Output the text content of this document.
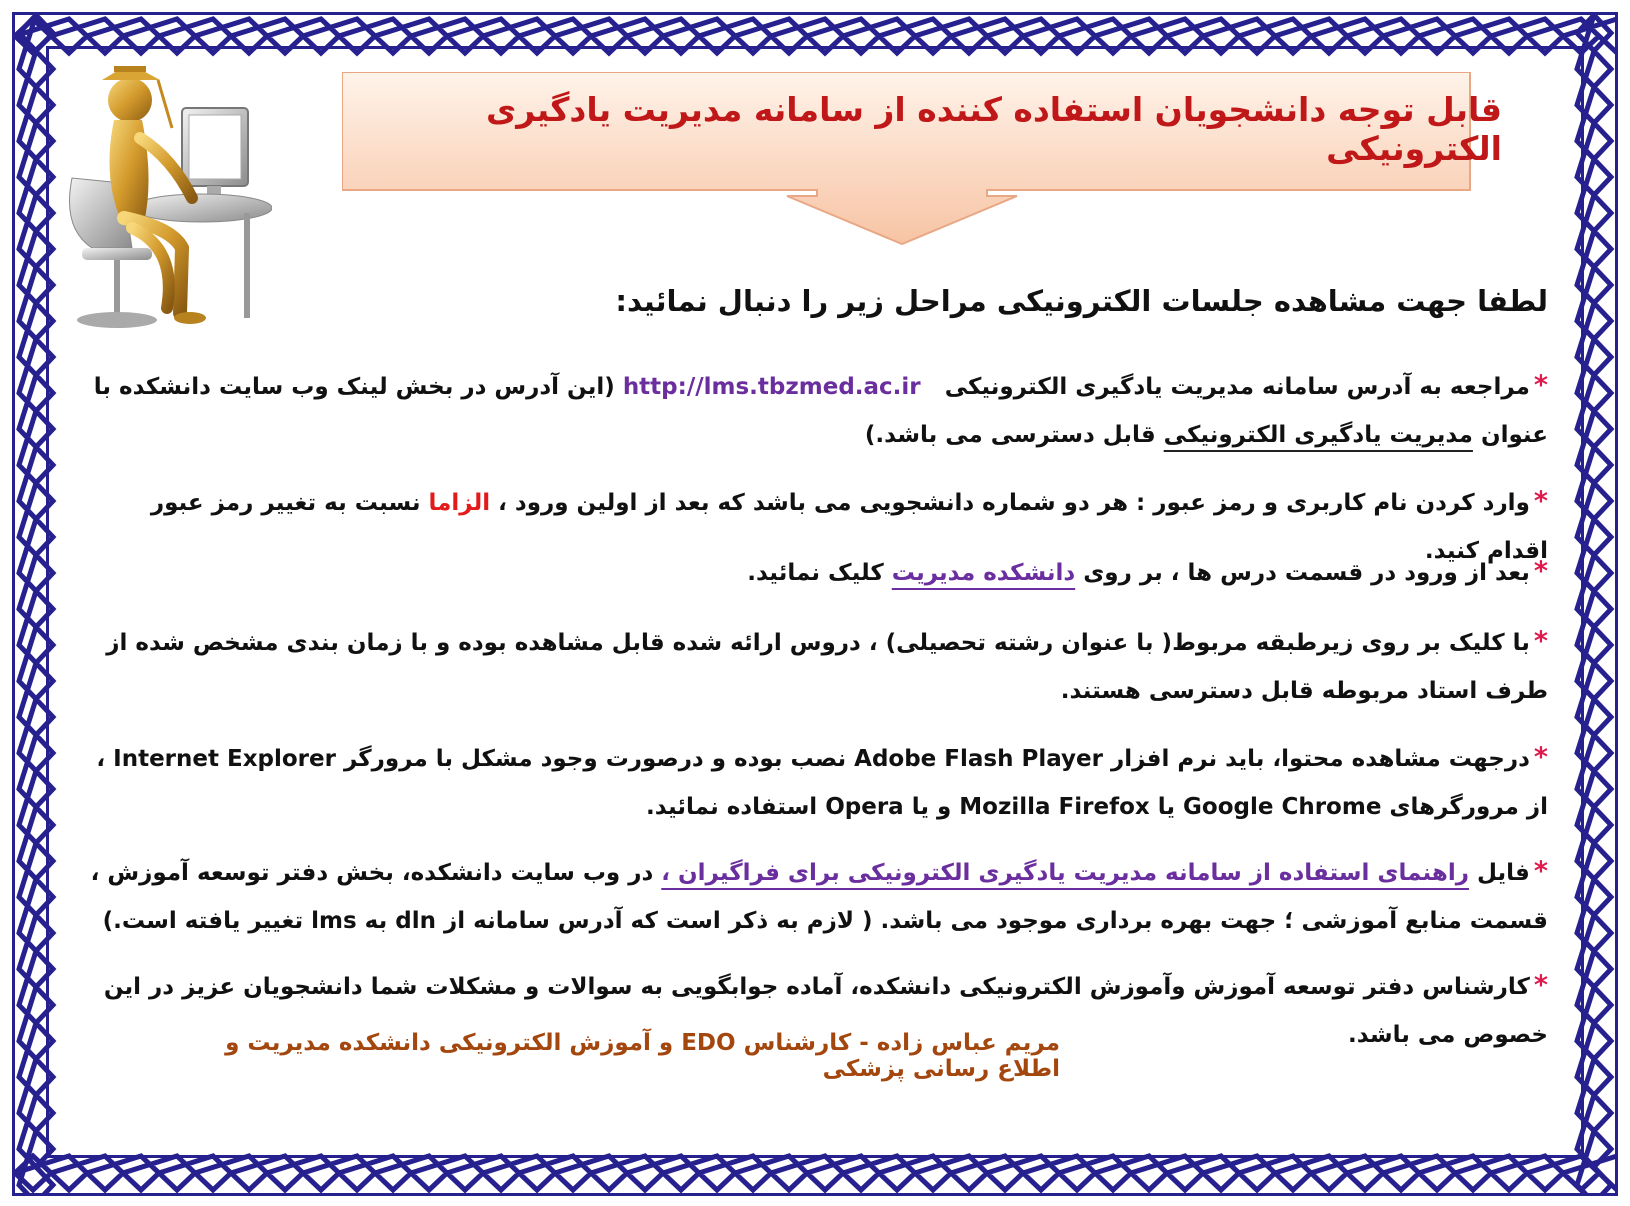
قابل توجه دانشجویان استفاده کننده از سامانه مدیریت یادگیری الکترونیکی
لطفا جهت مشاهده جلسات الکترونیکی مراحل زیر را دنبال نمائید:
*مراجعه به آدرس سامانه مدیریت یادگیری الکترونیکی   http://lms.tbzmed.ac.ir (این آدرس در بخش لینک وب سایت دانشکده با عنوان مدیریت یادگیری الکترونیکی قابل دسترسی می باشد.)
*وارد کردن نام کاربری و رمز عبور : هر دو شماره دانشجویی می باشد که بعد از اولین ورود ، الزاما نسبت به تغییر رمز عبور اقدام کنید.
*بعد از ورود در قسمت درس ها ، بر روی دانشکده مدیریت کلیک نمائید.
*با کلیک بر روی زیرطبقه مربوط( با عنوان رشته تحصیلی) ، دروس ارائه شده قابل مشاهده بوده و با زمان بندی مشخص شده از طرف استاد مربوطه قابل دسترسی هستند.
*درجهت مشاهده محتوا، باید نرم افزار Adobe Flash Player نصب بوده و درصورت وجود مشکل با مرورگر Internet Explorer ، از مرورگرهای Google Chrome یا Mozilla Firefox و یا Opera استفاده نمائید.
*فایل راهنمای استفاده از سامانه مدیریت یادگیری الکترونیکی برای فراگیران ، در وب سایت دانشکده، بخش دفتر توسعه آموزش ، قسمت منابع آموزشی ؛ جهت بهره برداری موجود می باشد. ( لازم به ذکر است که آدرس سامانه از dln به lms تغییر یافته است.)
*کارشناس دفتر توسعه آموزش وآموزش الکترونیکی دانشکده، آماده جوابگویی به سوالات و مشکلات شما دانشجویان عزیز در این خصوص می باشد.
مریم عباس زاده - کارشناس EDO و آموزش الکترونیکی دانشکده مدیریت و اطلاع رسانی پزشکی
